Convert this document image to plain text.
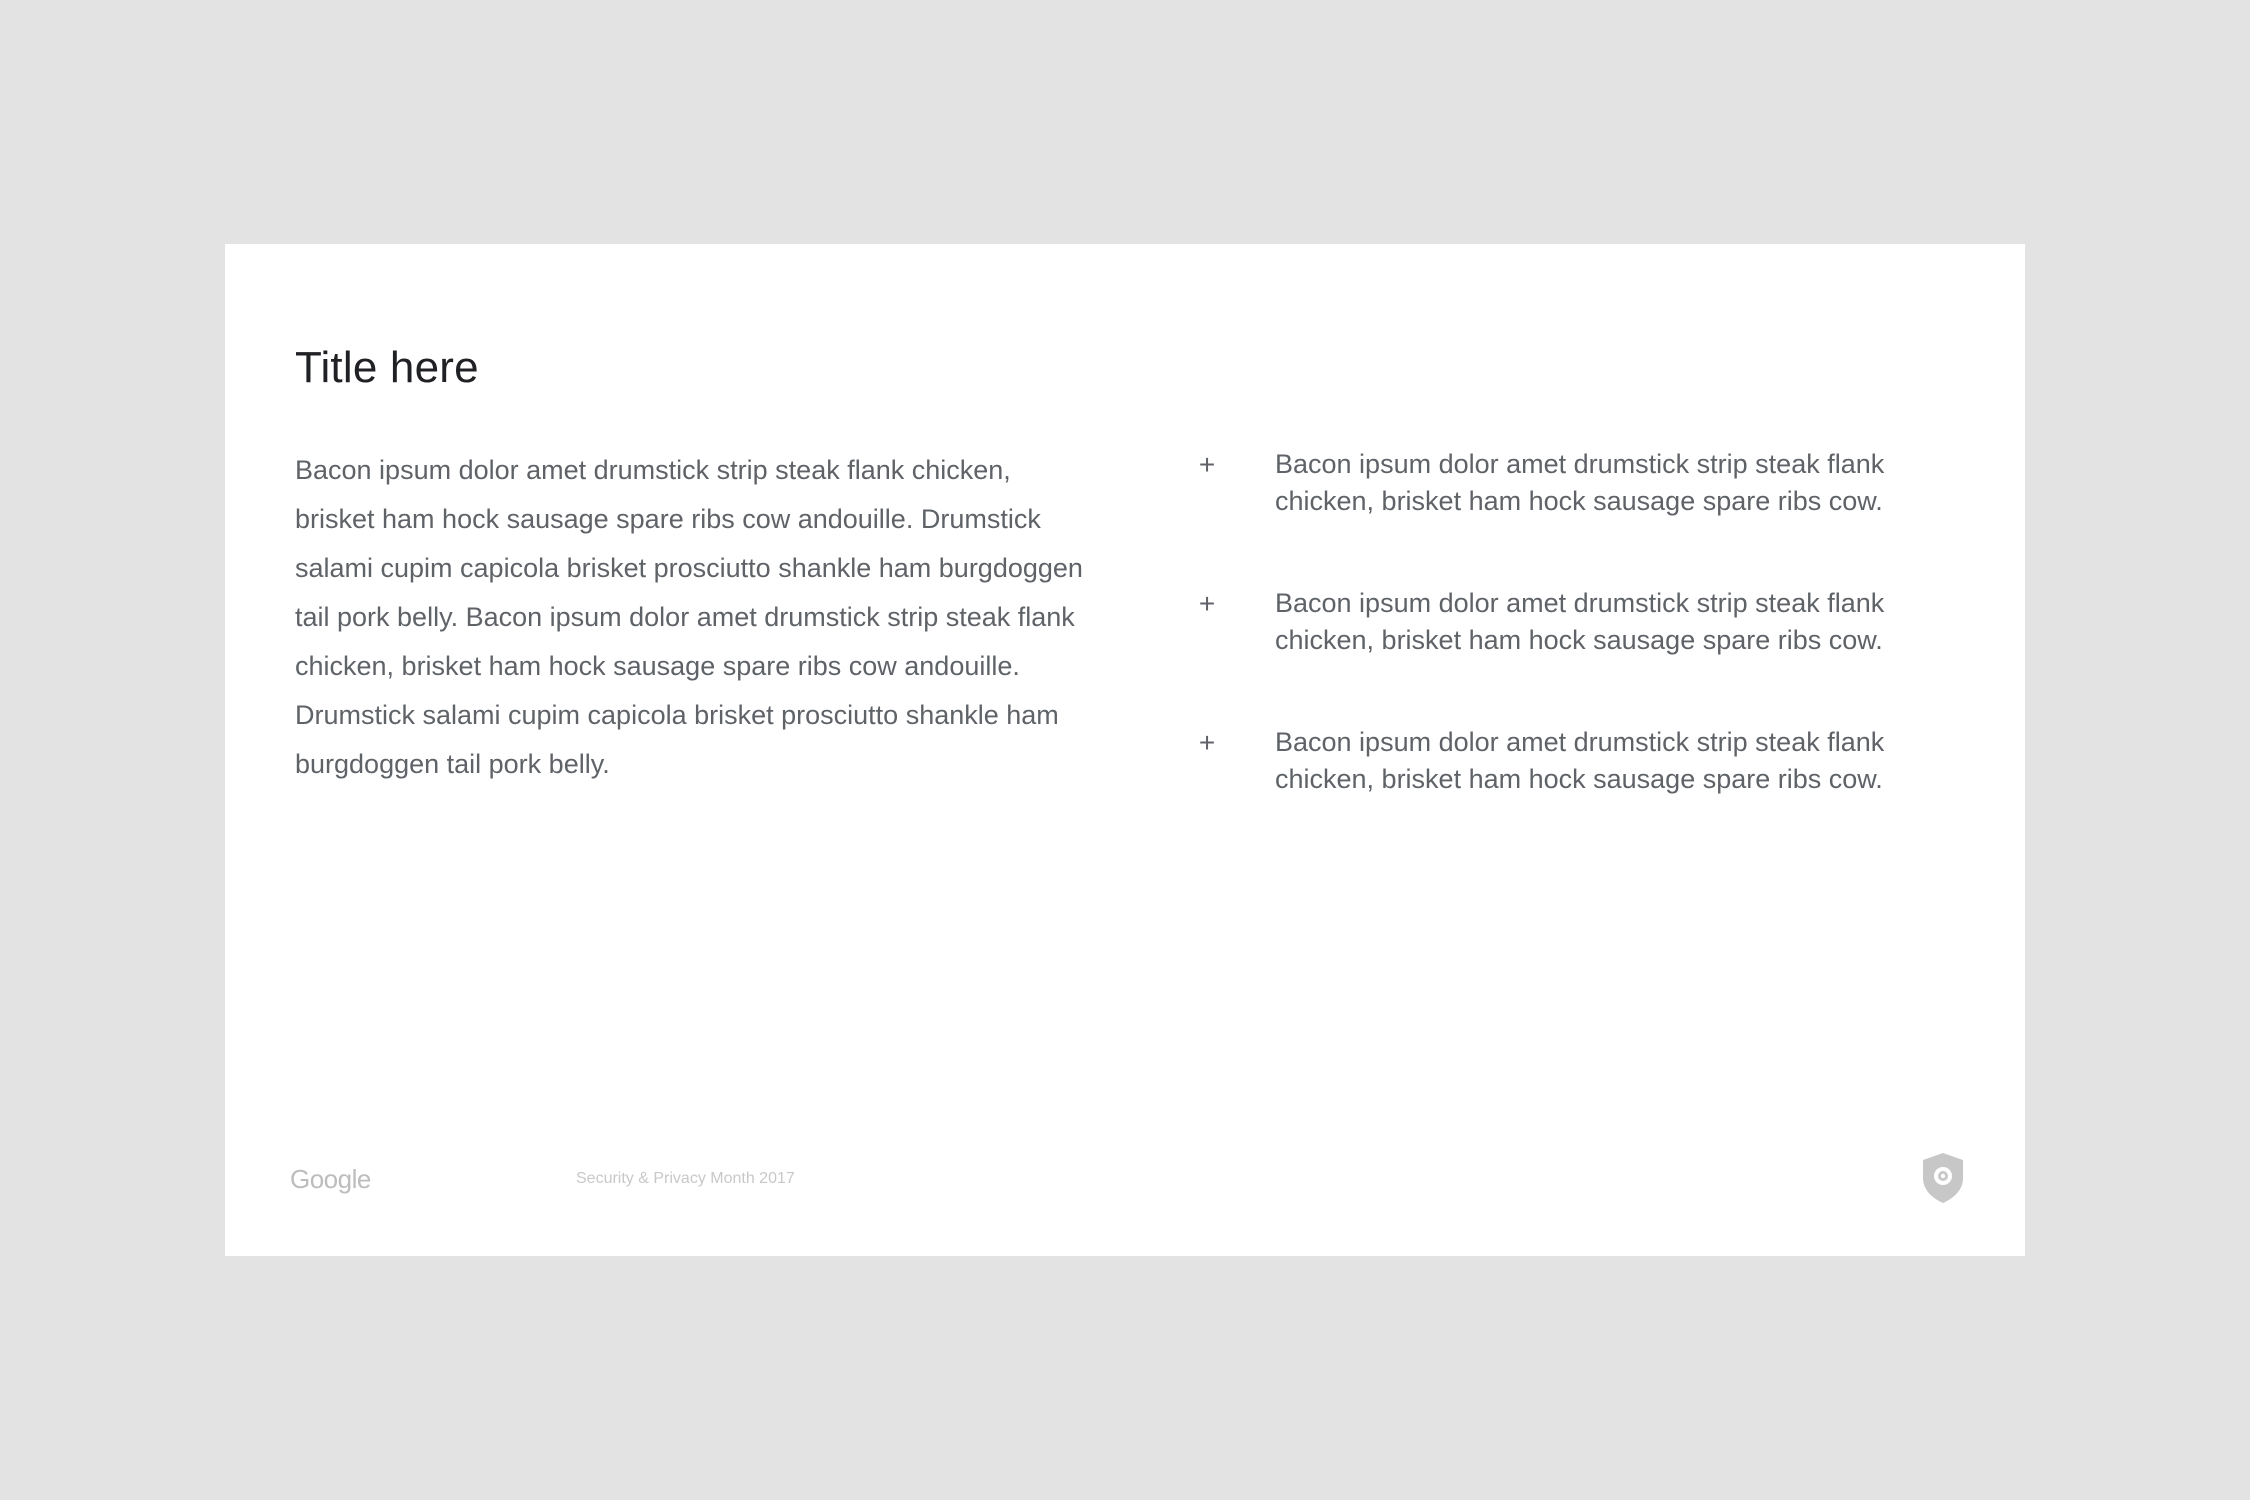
Title here

Bacon ipsum dolor amet drumstick strip steak flank chicken, brisket ham hock sausage spare ribs cow andouille. Drumstick salami cupim capicola brisket prosciutto shankle ham burgdoggen tail pork belly. Bacon ipsum dolor amet drumstick strip steak flank chicken, brisket ham hock sausage spare ribs cow andouille. Drumstick salami cupim capicola brisket prosciutto shankle ham burgdoggen tail pork belly.

+ Bacon ipsum dolor amet drumstick strip steak flank chicken, brisket ham hock sausage spare ribs cow.
+ Bacon ipsum dolor amet drumstick strip steak flank chicken, brisket ham hock sausage spare ribs cow.
+ Bacon ipsum dolor amet drumstick strip steak flank chicken, brisket ham hock sausage spare ribs cow.
Google	Security & Privacy Month 2017
